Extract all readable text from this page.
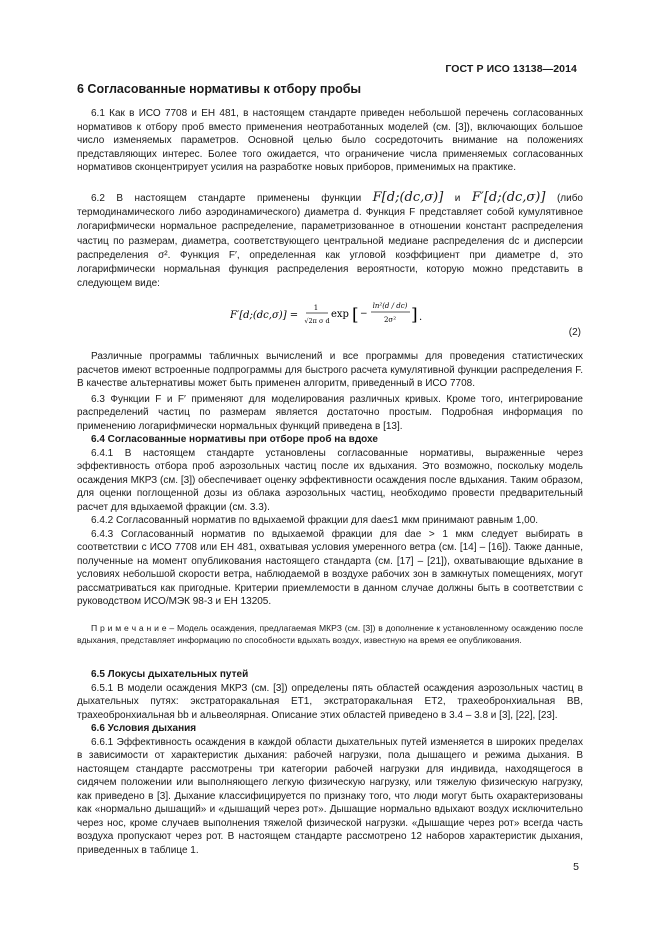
ГОСТ Р ИСО 13138—2014
6 Согласованные нормативы к отбору пробы

6.1 Как в ИСО 7708 и ЕН 481, в настоящем стандарте приведен небольшой перечень согласованных нормативов к отбору проб вместо применения неотработанных моделей (см. [3]), включающих большое число изменяемых параметров. Основной целью было сосредоточить внимание на положениях представляющих интерес. Более того ожидается, что ограничение числа применяемых согласованных нормативов сконцентрирует усилия на разработке новых приборов, применимых на практике.

6.2 В настоящем стандарте применены функции F[d;(dc,σ)] и F′[d;(dc,σ)] (либо термодинамического либо аэродинамического) диаметра d. Функция F представляет собой кумулятивное логарифмически нормальное распределение, параметризованное в отношении констант распределения частиц по размерам, диаметра, соответствующего центральной медиане распределения dc и дисперсии распределения σ². Функция F′, определенная как угловой коэффициент при диаметре d, это логарифмически нормальная функция распределения вероятности, которую можно представить в следующем виде:

F′[d;(dc,σ)] =
1
√2π σ d
exp [ −
ln²(d / dc)
2σ² ] .
(2)

Различные программы табличных вычислений и все программы для проведения статистических расчетов имеют встроенные подпрограммы для быстрого расчета кумулятивной функции распределения F. В качестве альтернативы может быть применен алгоритм, приведенный в ИСО 7708.

6.3 Функции F и F′ применяют для моделирования различных кривых. Кроме того, интегрирование распределений частиц по размерам является достаточно простым. Подробная информация по применению логарифмически нормальных функций приведена в [13].

6.4 Согласованные нормативы при отборе проб на вдохе

6.4.1 В настоящем стандарте установлены согласованные нормативы, выраженные через эффективность отбора проб аэрозольных частиц после их вдыхания. Это возможно, поскольку модель осаждения МКРЗ (см. [3]) обеспечивает оценку эффективности осаждения после вдыхания. Таким образом, для оценки поглощенной дозы из облака аэрозольных частиц, необходимо провести предварительный расчет для вдыхаемой фракции (см. 3.3).

6.4.2 Согласованный норматив по вдыхаемой фракции для dae≤1 мкм принимают равным 1,00.

6.4.3 Согласованный норматив по вдыхаемой фракции для dae > 1 мкм следует выбирать в соответствии с ИСО 7708 или ЕН 481, охватывая условия умеренного ветра (см. [14] – [16]). Также данные, полученные на момент опубликования настоящего стандарта (см. [17] – [21]), охватывающие вдыхание в условиях небольшой скорости ветра, наблюдаемой в воздухе рабочих зон в замкнутых помещениях, могут рассматриваться как пригодные. Критерии приемлемости в данном случае должны быть в соответствии с руководством ИСО/МЭК 98-3 и ЕН 13205.

П р и м е ч а н и е – Модель осаждения, предлагаемая МКРЗ (см. [3]) в дополнение к установленному осаждению после вдыхания, представляет информацию по способности вдыхать воздух, известную на время ее опубликования.

6.5 Локусы дыхательных путей

6.5.1 В модели осаждения МКРЗ (см. [3]) определены пять областей осаждения аэрозольных частиц в дыхательных путях: экстраторакальная ET1, экстраторакальная ET2, трахеобронхиальная BB, трахеобронхиальная bb и альвеолярная. Описание этих областей приведено в 3.4 – 3.8 и [3], [22], [23].

6.6 Условия дыхания

6.6.1 Эффективность осаждения в каждой области дыхательных путей изменяется в широких пределах в зависимости от характеристик дыхания: рабочей нагрузки, пола дышащего и режима дыхания. В настоящем стандарте рассмотрены три категории рабочей нагрузки для индивида, находящегося в сидячем положении или выполняющего легкую физическую нагрузку, или тяжелую физическую нагрузку, как приведено в [3]. Дыхание классифицируется по признаку того, что люди могут быть охарактеризованы как «нормально дышащий» и «дышащий через рот». Дышащие нормально вдыхают воздух исключительно через нос, кроме случаев выполнения тяжелой физической нагрузки. «Дышащие через рот» всегда часть воздуха пропускают через рот. В настоящем стандарте рассмотрено 12 наборов характеристик дыхания, приведенных в таблице 1.

5
